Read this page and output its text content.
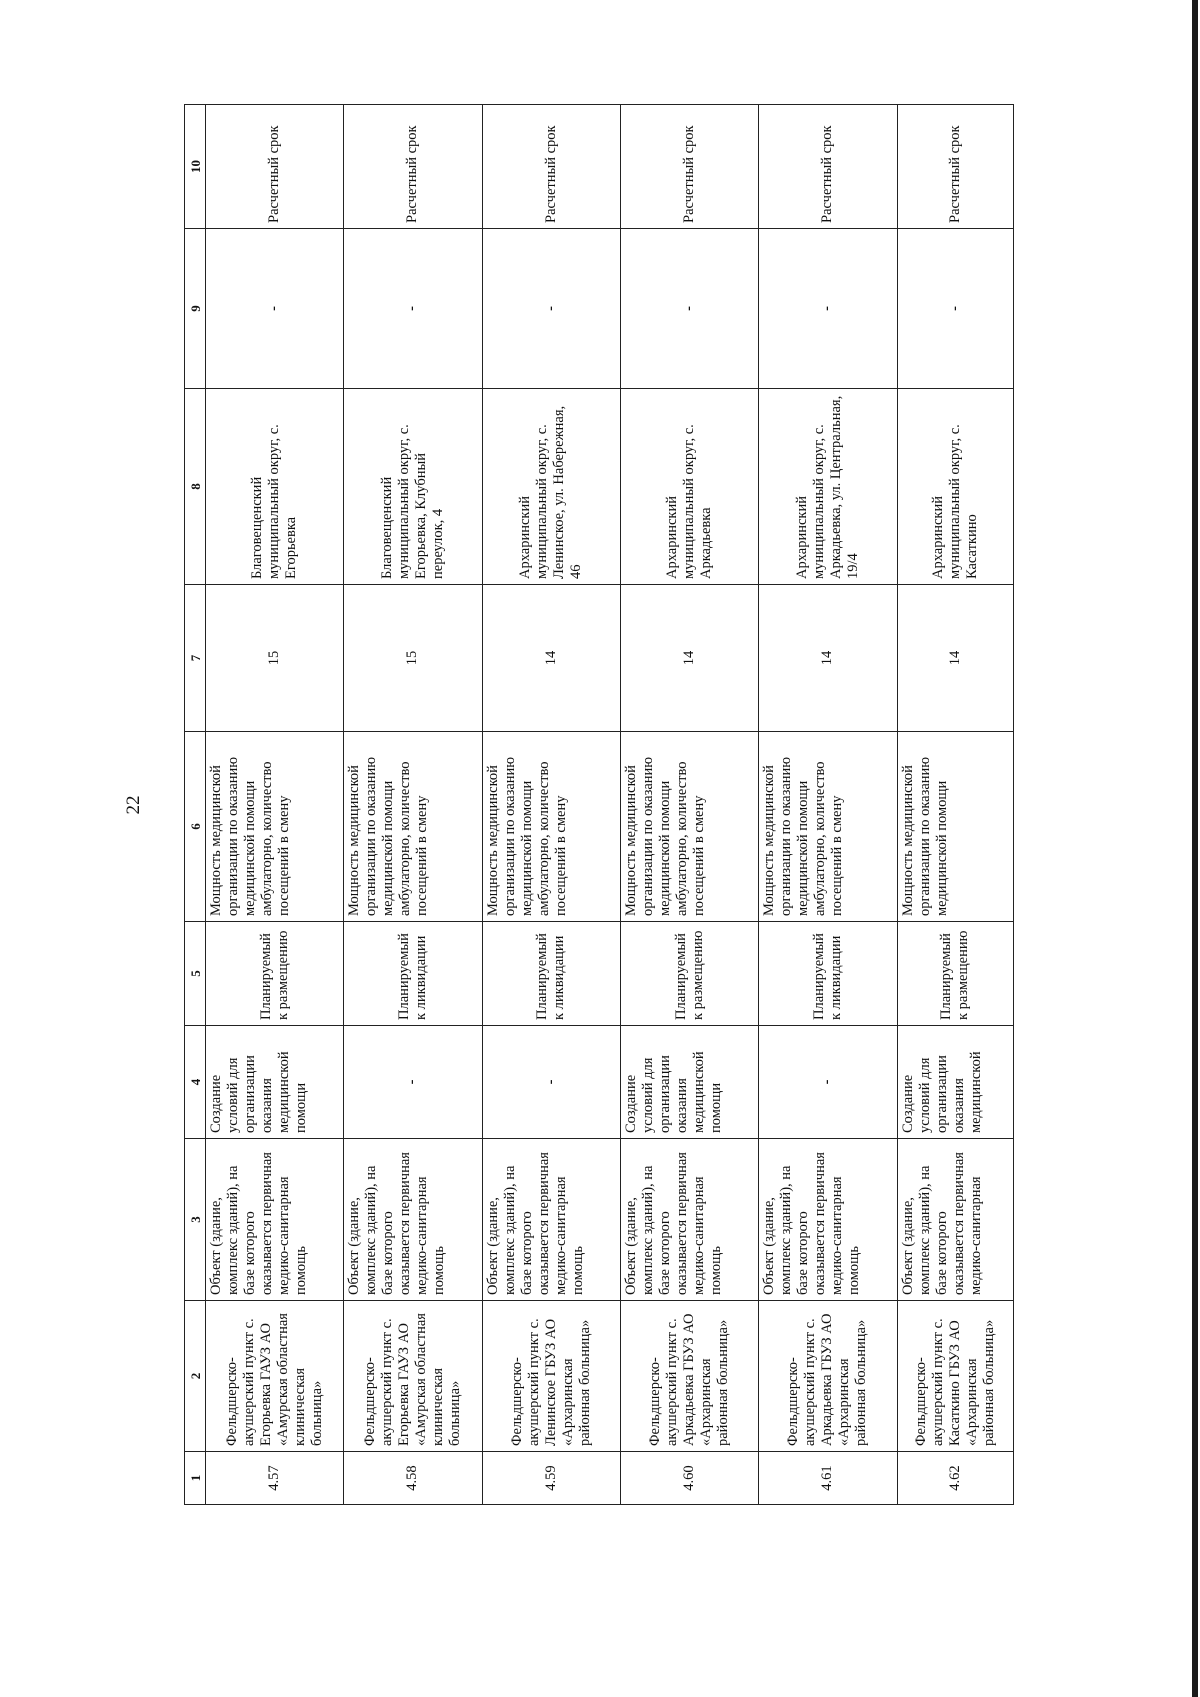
22
1	2	3	4	5	6	7	8	9	10
4.57	Фельдшерско-акушерский пункт с. Егорьевка ГАУЗ АО «Амурская областная клиническая больница»	Объект (здание, комплекс зданий), на базе которого оказывается первичная медико-санитарная помощь	Создание условий для организации оказания медицинской помощи	Планируемый к размещению	Мощность медицинской организации по оказанию медицинской помощи амбулаторно, количество посещений в смену	15	Благовещенский муниципальный округ, с. Егорьевка	-	Расчетный срок
4.58	Фельдшерско-акушерский пункт с. Егорьевка ГАУЗ АО «Амурская областная клиническая больница»	Объект (здание, комплекс зданий), на базе которого оказывается первичная медико-санитарная помощь	-	Планируемый к ликвидации	Мощность медицинской организации по оказанию медицинской помощи амбулаторно, количество посещений в смену	15	Благовещенский муниципальный округ, с. Егорьевка, Клубный переулок, 4	-	Расчетный срок
4.59	Фельдшерско-акушерский пункт с. Ленинское ГБУЗ АО «Архаринская районная больница»	Объект (здание, комплекс зданий), на базе которого оказывается первичная медико-санитарная помощь	-	Планируемый к ликвидации	Мощность медицинской организации по оказанию медицинской помощи амбулаторно, количество посещений в смену	14	Архаринский муниципальный округ, с. Ленинское, ул. Набережная, 46	-	Расчетный срок
4.60	Фельдшерско-акушерский пункт с. Аркадьевка ГБУЗ АО «Архаринская районная больница»	Объект (здание, комплекс зданий), на базе которого оказывается первичная медико-санитарная помощь	Создание условий для организации оказания медицинской помощи	Планируемый к размещению	Мощность медицинской организации по оказанию медицинской помощи амбулаторно, количество посещений в смену	14	Архаринский муниципальный округ, с. Аркадьевка	-	Расчетный срок
4.61	Фельдшерско-акушерский пункт с. Аркадьевка ГБУЗ АО «Архаринская районная больница»	Объект (здание, комплекс зданий), на базе которого оказывается первичная медико-санитарная помощь	-	Планируемый к ликвидации	Мощность медицинской организации по оказанию медицинской помощи амбулаторно, количество посещений в смену	14	Архаринский муниципальный округ, с. Аркадьевка, ул. Центральная, 19/4	-	Расчетный срок
4.62	Фельдшерско-акушерский пункт с. Касаткино ГБУЗ АО «Архаринская районная больница»	Объект (здание, комплекс зданий), на базе которого оказывается первичная медико-санитарная	Создание условий для организации оказания медицинской	Планируемый к размещению	Мощность медицинской организации по оказанию медицинской помощи	14	Архаринский муниципальный округ, с. Касаткино	-	Расчетный срок
